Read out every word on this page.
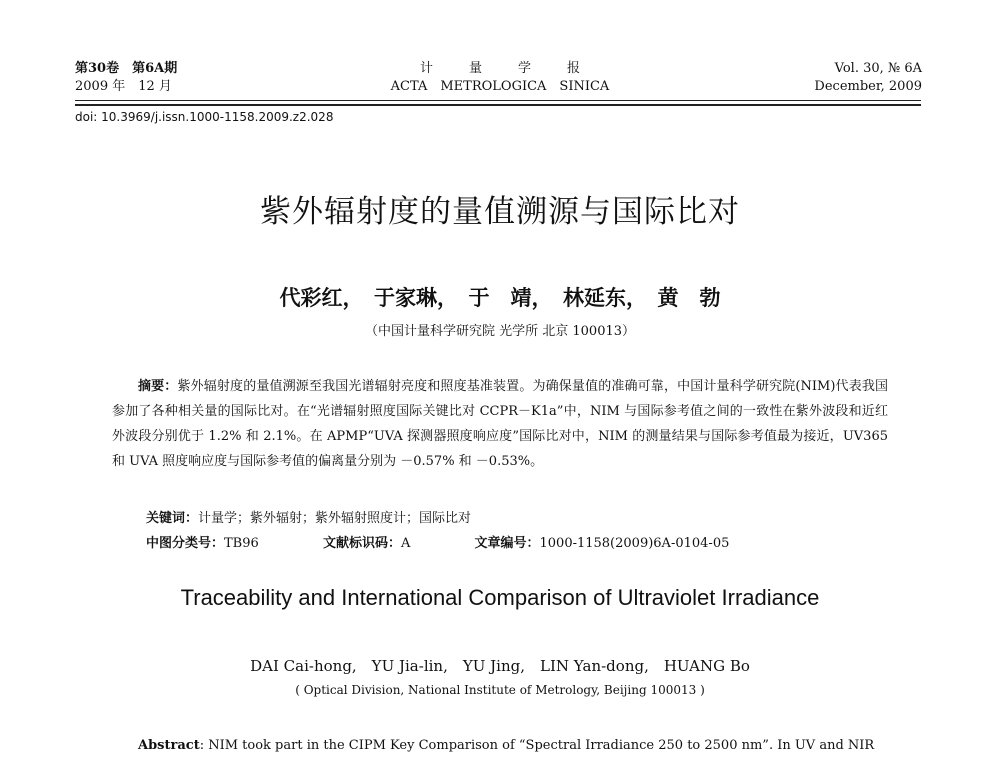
第30卷　第6A期
2009 年　12 月
计	量	学	报
ACTA　METROLOGICA　SINICA
Vol. 30, № 6A
December, 2009
doi: 10.3969/j.issn.1000-1158.2009.z2.028
紫外辐射度的量值溯源与国际比对
代彩红，　于家琳，　于　靖，　林延东，　黄　勃
（中国计量科学研究院 光学所 北京 100013）

摘要：紫外辐射度的量值溯源至我国光谱辐射亮度和照度基准装置。为确保量值的准确可靠，中国计量科学研究院(NIM)代表我国参加了各种相关量的国际比对。在“光谱辐射照度国际关键比对 CCPR－K1a”中，NIM 与国际参考值之间的一致性在紫外波段和近红外波段分别优于 1.2% 和 2.1%。在 APMP“UVA 探测器照度响应度”国际比对中，NIM 的测量结果与国际参考值最为接近，UV365 和 UVA 照度响应度与国际参考值的偏离量分别为 －0.57% 和 －0.53%。

关键词：计量学；紫外辐射；紫外辐射照度计；国际比对
中图分类号：TB96	文献标识码：A	文章编号：1000-1158(2009)6A-0104-05
Traceability and International Comparison of Ultraviolet Irradiance
DAI Cai-hong,　YU Jia-lin,　YU Jing,　LIN Yan-dong,　HUANG Bo
( Optical Division, National Institute of Metrology, Beijing 100013 )

Abstract: NIM took part in the CIPM Key Comparison of “Spectral Irradiance 250 to 2500 nm”. In UV and NIR
